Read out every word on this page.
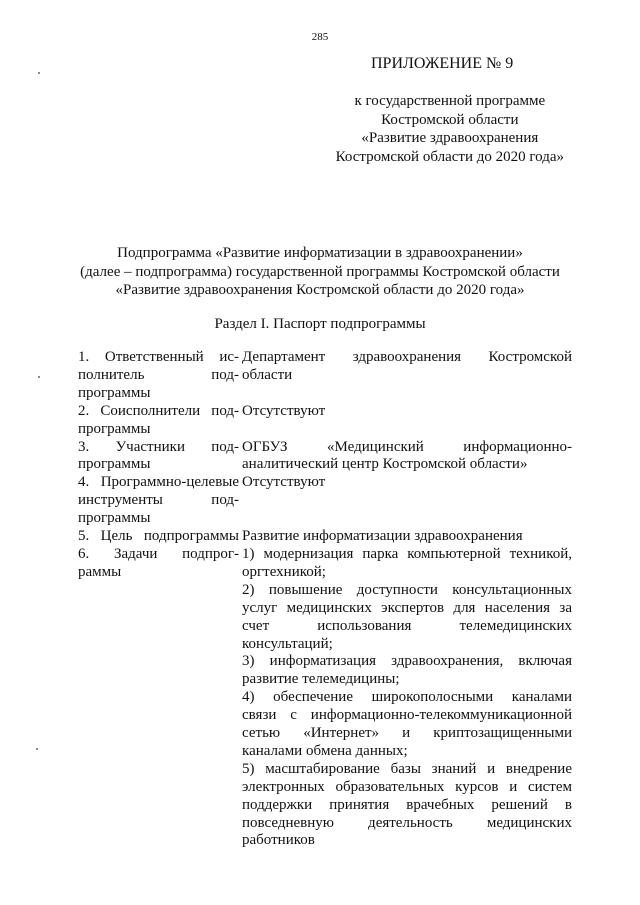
285
ПРИЛОЖЕНИЕ № 9
к государственной программе
Костромской области
«Развитие здравоохранения
Костромской области до 2020 года»
Подпрограмма «Развитие информатизации в здравоохранении»
(далее – подпрограмма) государственной программы Костромской области
«Развитие здравоохранения Костромской области до 2020 года»
Раздел I. Паспорт подпрограммы
1. Ответственный ис-
полнитель под-
программы
Департамент здравоохранения Костромской
области
2. Соисполнители под-
программы
Отсутствуют
3. Участники под-
программы
ОГБУЗ «Медицинский информационно-
аналитический центр Костромской области»
4. Программно-целевые
инструменты под-
программы
Отсутствуют
5. Цель подпрограммы Развитие информатизации здравоохранения
6. Задачи подпрог-
раммы
1) модернизация парка компьютерной техникой,
оргтехникой;
2) повышение доступности консультационных
услуг медицинских экспертов для населения за
счет использования телемедицинских
консультаций;
3) информатизация здравоохранения, включая
развитие телемедицины;
4) обеспечение широкополосными каналами
связи с информационно-телекоммуникационной
сетью «Интернет» и криптозащищенными
каналами обмена данных;
5) масштабирование базы знаний и внедрение
электронных образовательных курсов и систем
поддержки принятия врачебных решений в
повседневную деятельность медицинских
работников
